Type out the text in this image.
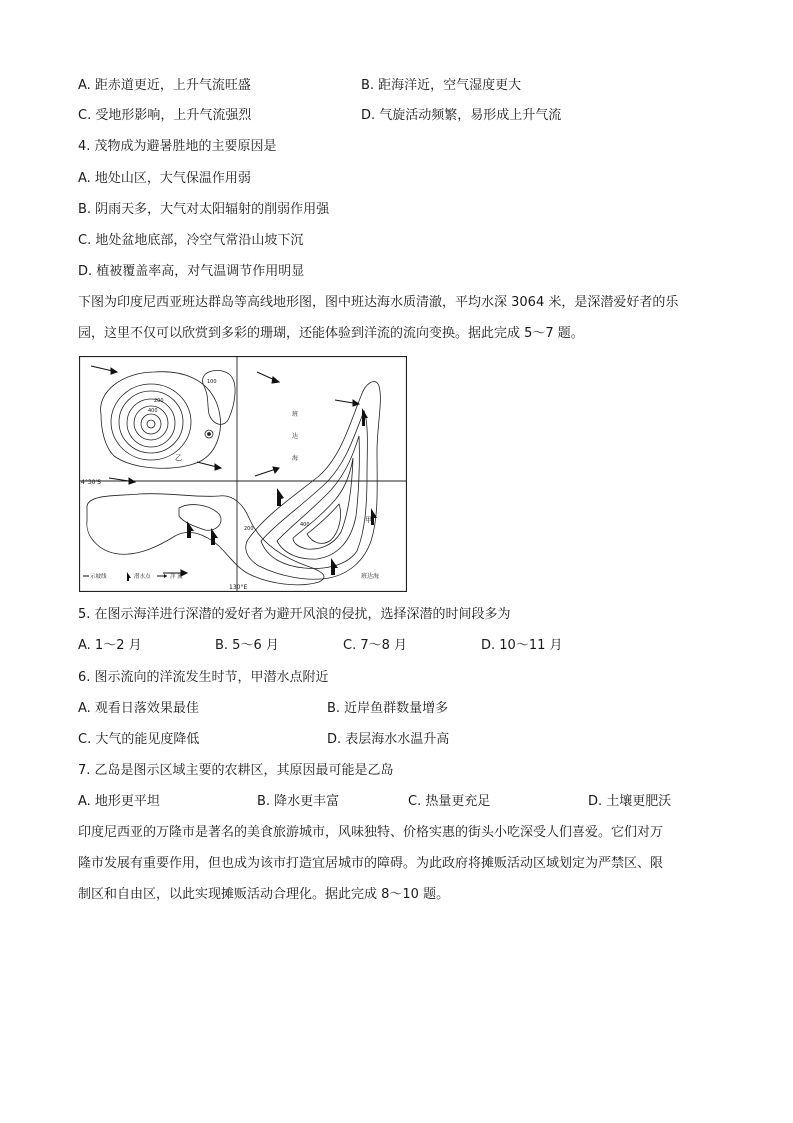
A. 距赤道更近，上升气流旺盛	B. 距海洋近，空气湿度更大
C. 受地形影响，上升气流强烈	D. 气旋活动频繁，易形成上升气流
4. 茂物成为避暑胜地的主要原因是
A. 地处山区，大气保温作用弱
B. 阴雨天多，大气对太阳辐射的削弱作用强
C. 地处盆地底部，冷空气常沿山坡下沉
D. 植被覆盖率高，对气温调节作用明显
下图为印度尼西亚班达群岛等高线地形图，图中班达海水质清澈，平均水深 3064 米，是深潜爱好者的乐
园，这里不仅可以欣赏到多彩的珊瑚，还能体验到洋流的流向变换。据此完成 5～7 题。
4°30'S
130°E
班
达
海
班达海
乙
甲
100
200
400
200
400
示坡线	潜水点	洋 流
5. 在图示海洋进行深潜的爱好者为避开风浪的侵扰，选择深潜的时间段多为
A. 1～2 月	B. 5～6 月	C. 7～8 月	D. 10～11 月
6. 图示流向的洋流发生时节，甲潜水点附近
A. 观看日落效果最佳	B. 近岸鱼群数量增多
C. 大气的能见度降低	D. 表层海水水温升高
7. 乙岛是图示区域主要的农耕区，其原因最可能是乙岛
A. 地形更平坦	B. 降水更丰富	C. 热量更充足	D. 土壤更肥沃
印度尼西亚的万隆市是著名的美食旅游城市，风味独特、价格实惠的街头小吃深受人们喜爱。它们对万
隆市发展有重要作用，但也成为该市打造宜居城市的障碍。为此政府将摊贩活动区域划定为严禁区、限
制区和自由区，以此实现摊贩活动合理化。据此完成 8～10 题。
